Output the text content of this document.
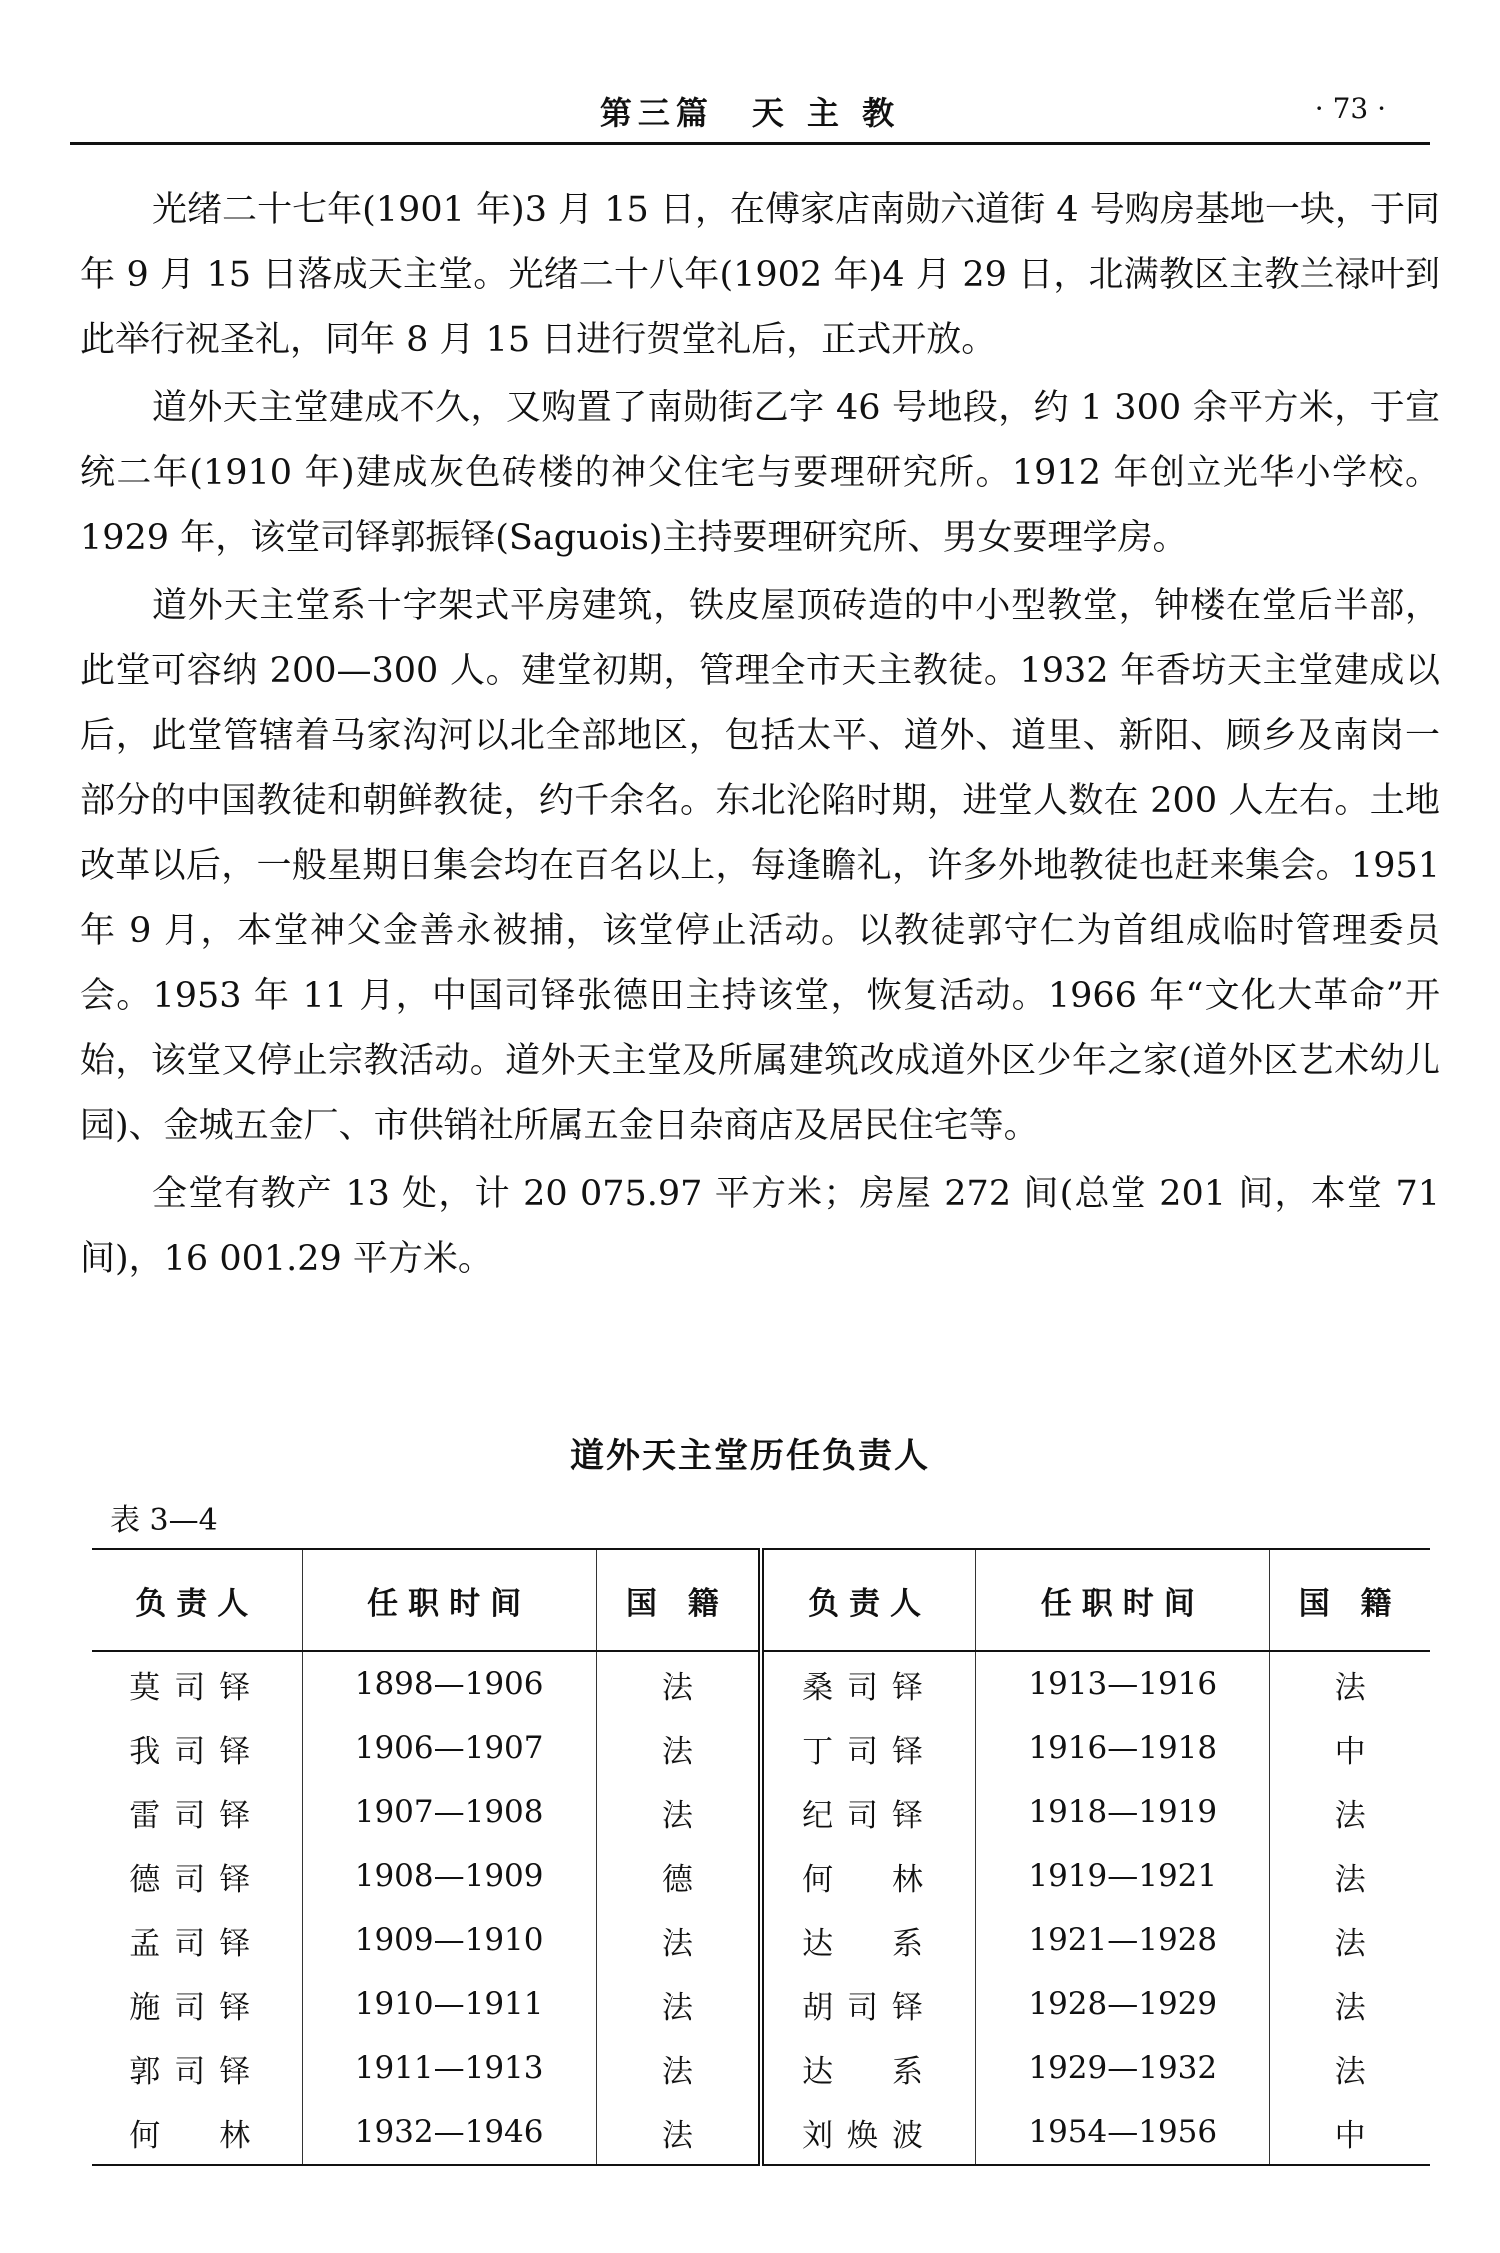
第三篇　天 主 教	· 73 ·

光绪二十七年(1901 年)3 月 15 日，在傅家店南勋六道街 4 号购房基地一块，于同年 9 月 15 日落成天主堂。光绪二十八年(1902 年)4 月 29 日，北满教区主教兰禄叶到此举行祝圣礼，同年 8 月 15 日进行贺堂礼后，正式开放。

道外天主堂建成不久，又购置了南勋街乙字 46 号地段，约 1 300 余平方米，于宣统二年(1910 年)建成灰色砖楼的神父住宅与要理研究所。1912 年创立光华小学校。1929 年，该堂司铎郭振铎(Saguois)主持要理研究所、男女要理学房。

道外天主堂系十字架式平房建筑，铁皮屋顶砖造的中小型教堂，钟楼在堂后半部，此堂可容纳 200—300 人。建堂初期，管理全市天主教徒。1932 年香坊天主堂建成以后，此堂管辖着马家沟河以北全部地区，包括太平、道外、道里、新阳、顾乡及南岗一部分的中国教徒和朝鲜教徒，约千余名。东北沦陷时期，进堂人数在 200 人左右。土地改革以后，一般星期日集会均在百名以上，每逢瞻礼，许多外地教徒也赶来集会。1951 年 9 月，本堂神父金善永被捕，该堂停止活动。以教徒郭守仁为首组成临时管理委员会。1953 年 11 月，中国司铎张德田主持该堂，恢复活动。1966 年“文化大革命”开始，该堂又停止宗教活动。道外天主堂及所属建筑改成道外区少年之家(道外区艺术幼儿园)、金城五金厂、市供销社所属五金日杂商店及居民住宅等。

全堂有教产 13 处，计 20 075.97 平方米；房屋 272 间(总堂 201 间，本堂 71 间)，16 001.29 平方米。

道外天主堂历任负责人
表 3—4
负责人	任职时间	国 籍	负责人	任职时间	国 籍
莫司铎	1898—1906	法	桑司铎	1913—1916	法
我司铎	1906—1907	法	丁司铎	1916—1918	中
雷司铎	1907—1908	法	纪司铎	1918—1919	法
德司铎	1908—1909	德	何　林	1919—1921	法
孟司铎	1909—1910	法	达　系	1921—1928	法
施司铎	1910—1911	法	胡司铎	1928—1929	法
郭司铎	1911—1913	法	达　系	1929—1932	法
何　林	1932—1946	法	刘焕波	1954—1956	中
